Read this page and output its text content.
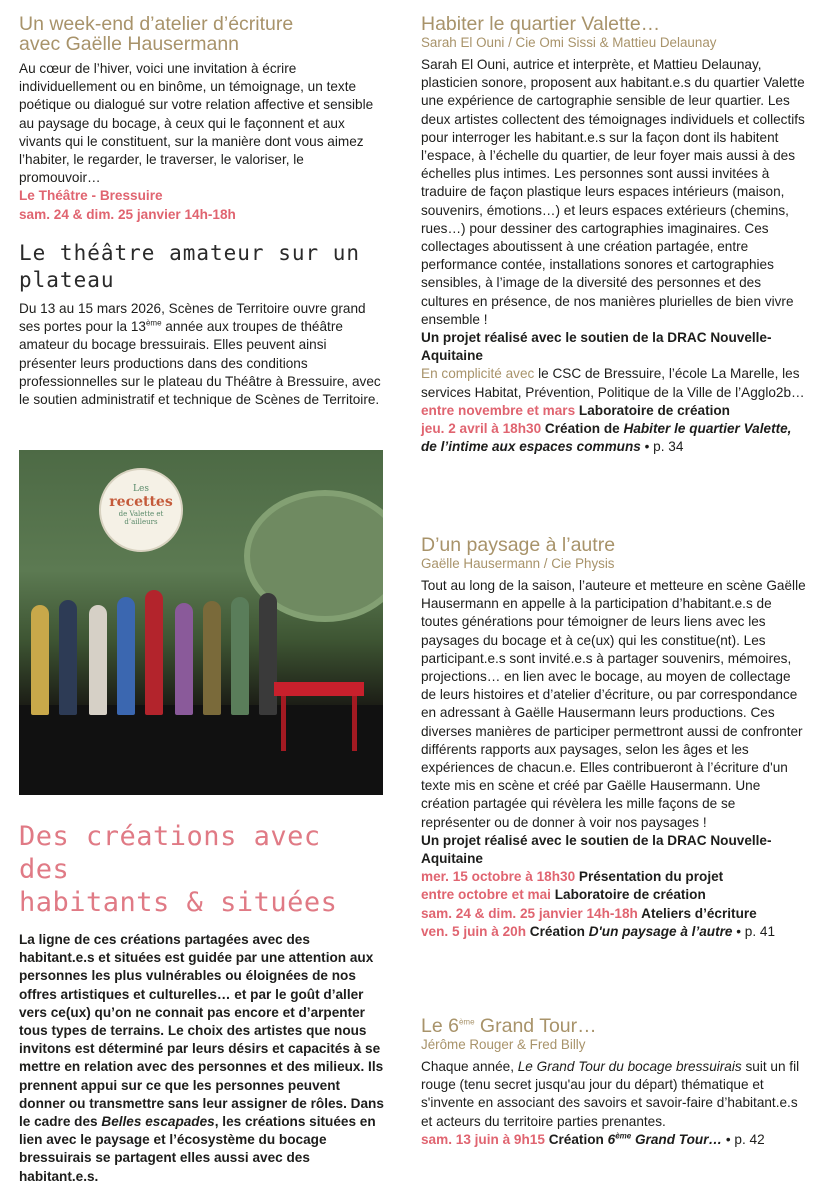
Un week-end d’atelier d’écriture
avec Gaëlle Hausermann

Au cœur de l’hiver, voici une invitation à écrire individuellement ou en binôme, un témoignage, un texte poétique ou dialogué sur votre relation affective et sensible au paysage du bocage, à ceux qui le façonnent et aux vivants qui le constituent, sur la manière dont vous aimez l’habiter, le regarder, le traverser, le valoriser, le promouvoir…

Le Théâtre - Bressuire

sam. 24 & dim. 25 janvier 14h-18h

Le théâtre amateur sur un
plateau

Du 13 au 15 mars 2026, Scènes de Territoire ouvre grand ses portes pour la 13ème année aux troupes de théâtre amateur du bocage bressuirais. Elles peuvent ainsi présenter leurs productions dans des conditions professionnelles sur le plateau du Théâtre à Bressuire, avec le soutien administratif et technique de Scènes de Territoire.

Les
recettes
de Valette et d’ailleurs
Des créations avec des
habitants & situées

La ligne de ces créations partagées avec des habitant.e.s et situées est guidée par une attention aux personnes les plus vulnérables ou éloignées de nos offres artistiques et culturelles… et par le goût d’aller vers ce(ux) qu’on ne connait pas encore et d’arpenter tous types de terrains. Le choix des artistes que nous invitons est déterminé par leurs désirs et capacités à se mettre en relation avec des personnes et des milieux. Ils prennent appui sur ce que les personnes peuvent donner ou transmettre sans leur assigner de rôles. Dans le cadre des Belles escapades, les créations situées en lien avec le paysage et l’écosystème du bocage bressuirais se partagent elles aussi avec des habitant.e.s.

Habiter le quartier Valette…

Sarah El Ouni / Cie Omi Sissi & Mattieu Delaunay

Sarah El Ouni, autrice et interprète, et Mattieu Delaunay, plasticien sonore, proposent aux habitant.e.s du quartier Valette une expérience de cartographie sensible de leur quartier. Les deux artistes collectent des témoignages individuels et collectifs pour interroger les habitant.e.s sur la façon dont ils habitent l’espace, à l’échelle du quartier, de leur foyer mais aussi à des échelles plus intimes. Les personnes sont aussi invitées à traduire de façon plastique leurs espaces intérieurs (maison, souvenirs, émotions…) et leurs espaces extérieurs (chemins, rues…) pour dessiner des cartographies imaginaires. Ces collectages aboutissent à une création partagée, entre performance contée, installations sonores et cartographies sensibles, à l’image de la diversité des personnes et des cultures en présence, de nos manières plurielles de bien vivre ensemble !

Un projet réalisé avec le soutien de la DRAC Nouvelle-Aquitaine

En complicité avec le CSC de Bressuire, l’école La Marelle, les services Habitat, Prévention, Politique de la Ville de l’Agglo2b…

entre novembre et mars Laboratoire de création

jeu. 2 avril à 18h30 Création de Habiter le quartier Valette, de l’intime aux espaces communs • p. 34

D’un paysage à l’autre

Gaëlle Hausermann / Cie Physis

Tout au long de la saison, l’auteure et metteure en scène Gaëlle Hausermann en appelle à la participation d’habitant.e.s de toutes générations pour témoigner de leurs liens avec les paysages du bocage et à ce(ux) qui les constitue(nt). Les participant.e.s sont invité.e.s à partager souvenirs, mémoires, projections… en lien avec le bocage, au moyen de collectage de leurs histoires et d’atelier d’écriture, ou par correspondance en adressant à Gaëlle Hausermann leurs productions. Ces diverses manières de participer permettront aussi de confronter différents rapports aux paysages, selon les âges et les expériences de chacun.e. Elles contribueront à l’écriture d'un texte mis en scène et créé par Gaëlle Hausermann. Une création partagée qui révèlera les mille façons de se représenter ou de donner à voir nos paysages !

Un projet réalisé avec le soutien de la DRAC Nouvelle-Aquitaine

mer. 15 octobre à 18h30 Présentation du projet

entre octobre et mai Laboratoire de création

sam. 24 & dim. 25 janvier 14h-18h Ateliers d’écriture

ven. 5 juin à 20h Création D'un paysage à l’autre • p. 41

Le 6ème Grand Tour…

Jérôme Rouger & Fred Billy

Chaque année, Le Grand Tour du bocage bressuirais suit un fil rouge (tenu secret jusqu'au jour du départ) thématique et s'invente en associant des savoirs et savoir-faire d’habitant.e.s et acteurs du territoire parties prenantes.

sam. 13 juin à 9h15 Création 6ème Grand Tour… • p. 42
